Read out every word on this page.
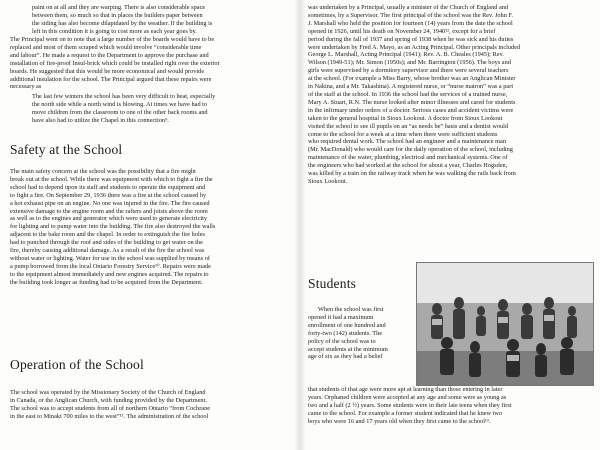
paint on at all and they are warping. There is also considerable space

between them, so much so that in places the builders paper between

the siding has also become dilapidated by the weather. If the building is

left in this condition it is going to cost more as each year goes by.

The Principal went on to note that a large number of the boards would have to be

replaced and most of them scraped which would involve “considerable time

and labour”. He made a request to the Department to approve the purchase and

installation of fire-proof Insul-brick which could be installed right over the exterior

boards. He suggested that this would be more economical and would provide

additional insulation for the school. The Principal argued that these repairs were

necessary as

The last few winters the school has been very difficult to heat, especially

the north side while a north wind is blowing. At times we have had to

move children from the classroom to one of the other back rooms and

have also had to utilize the Chapel in this connection⁹.

Safety at the School

The main safety concern at the school was the possibility that a fire might

break out at the school. While there was equipment with which to fight a fire the

school had to depend upon its staff and students to operate the equipment and

to fight a fire. On September 29, 1936 there was a fire at the school caused by

a hot exhaust pipe on an engine. No one was injured in the fire. The fire caused

extensive damage to the engine room and the rafters and joists above the room

as well as to the engines and generator which were used to generate electricity

for lighting and to pump water into the building. The fire also destroyed the walls

adjacent to the bake room and the chapel. In order to extinguish the fire holes

had to punched through the roof and sides of the building to get water on the

fire, thereby causing additional damage. As a result of the fire the school was

without water or lighting. Water for use in the school was supplied by means of

a pump borrowed from the local Ontario Forestry Service¹⁰. Repairs were made

to the equipment almost immediately and new engines acquired. The repairs to

the building took longer as funding had to be acquired from the Department.

Operation of the School

The school was operated by the Missionary Society of the Church of England

in Canada, or the Anglican Church, with funding provided by the Department.

The school was to accept students from all of northern Ontario “from Cochrane

in the east to Minaki 700 miles to the west”¹¹. The administration of the school

was undertaken by a Principal, usually a minister of the Church of England and

sometimes, by a Supervisor. The first principal of the school was the Rev. John F.

J. Marshall who held the position for fourteen (14) years from the date the school

opened in 1926, until his death on November 24, 1940¹², except for a brief

period during the fall of 1937 and spring of 1938 when he was sick and his duties

were undertaken by Fred A. Mayo, as an Acting Principal. Other principals included

George L. Marshall, Acting Principal (1941); Rev. A. B. Cheales (1945); Rev.

Wilson (1949-51); Mr. Simon (1950s); and Mr. Barrington (1956). The boys and

girls were supervised by a dormitory supervisor and there were several teachers

at the school. (For example a Miss Barry, whose brother was an Anglican Minister

in Nakina, and a Mr. Takashina). A registered nurse, or “nurse matron” was a part

of the staff at the school. In 1936 the school had the services of a trained nurse,

Mary A. Stuart, R.N. The nurse looked after minor illnesses and cared for students

in the infirmary under orders of a doctor. Serious cases and accident victims were

taken to the general hospital in Sioux Lookout. A doctor from Sioux Lookout

visited the school to see ill pupils on an “as needs be” basis and a dentist would

come to the school for a week at a time when there were sufficient students

who required dental work. The school had an engineer and a maintenance man

(Mr. MacDonald) who would care for the daily operation of the school, including

maintenance of the water, plumbing, electrical and mechanical systems. One of

the engineers who had worked at the school for about a year, Charles Hogsden,

was killed by a train on the railway track when he was walking the rails back from

Sioux Lookout.

Students

When the school was first

opened it had a maximum

enrollment of one hundred and

forty-two (142) students. The

policy of the school was to

accept students at the minimum

age of six as they had a belief

that students of that age were more apt at learning than those entering in later

years. Orphaned children were accepted at any age and some were as young as

two and a half (2 ½) years. Some students were in their late teens when they first

came to the school. For example a former student indicated that he knew two

boys who were 16 and 17 years old when they first came to the school¹³.
